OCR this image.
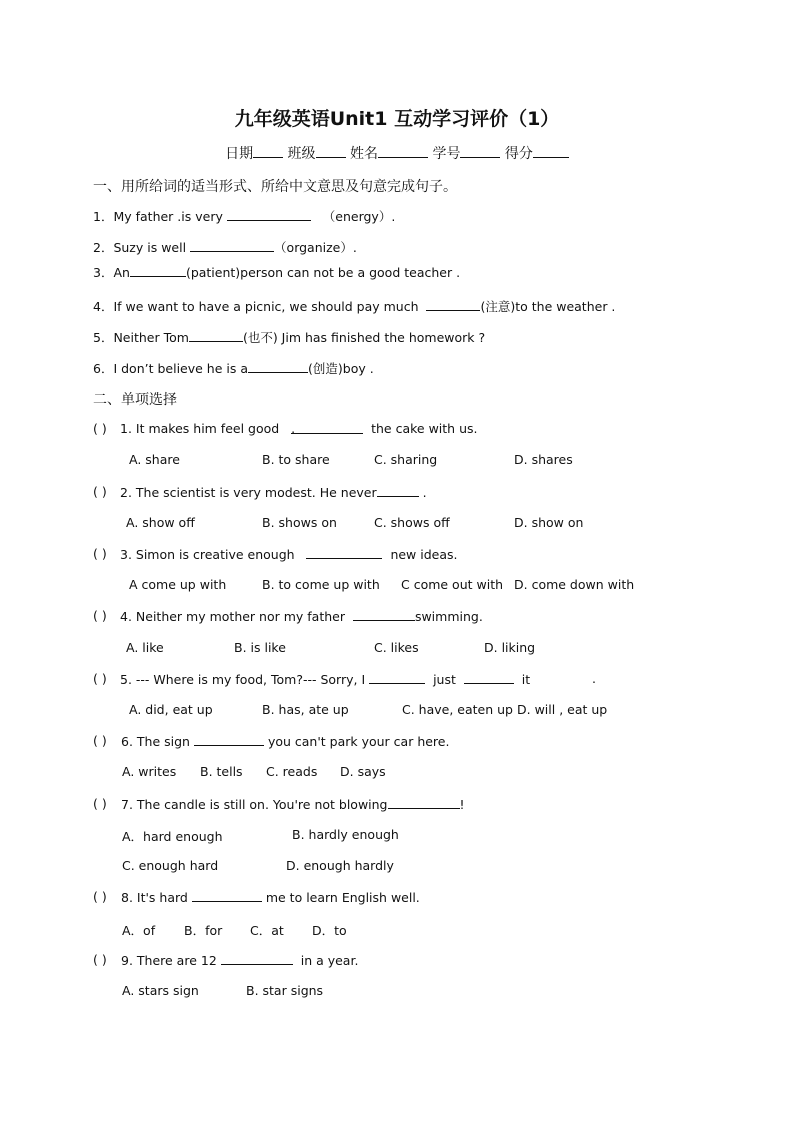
九年级英语Unit1 互动学习评价（1）
日期 班级 姓名	学号	得分
一、用所给词的适当形式、所给中文意思及句意完成句子。
1．My father .is very	（energy）.
2．Suzy is well	（organize）.
3．An	(patient)person can not be a good teacher .
4．If we want to have a picnic, we should pay much	(注意)to the weather .
5．Neither Tom	(也不) Jim has finished the homework ?
6．I don’t believe he is a	(创造)boy .
二、单项选择
( ) 1. It makes him feel good .	the cake with us.
A. share	B. to share	C. sharing	D. shares
( ) 2. The scientist is very modest. He never	.
A. show off	B. shows on	C. shows off	D. show on
( ) 3. Simon is creative enough	new ideas.
A come up with	B. to come up with C come out with D. come down with
( ) 4. Neither my mother nor my father	swimming.
A. like	B. is like	C. likes	D. liking
( ) 5. --- Where is my food, Tom?--- Sorry, I	just	it	.
A. did, eat up	B. has, ate up	C. have, eaten up D. will , eat up
( ) 6. The sign	you can't park your car here.
A. writes B. tells C. reads D. says
( ) 7. The candle is still on. You're not blowing	!
A．hard enough	B. hardly enough
C. enough hard	D. enough hardly
( ) 8. It's hard	me to learn English well.
A．of B．for C．at D．to
( ) 9. There are 12	in a year.
A. stars sign	B. star signs
